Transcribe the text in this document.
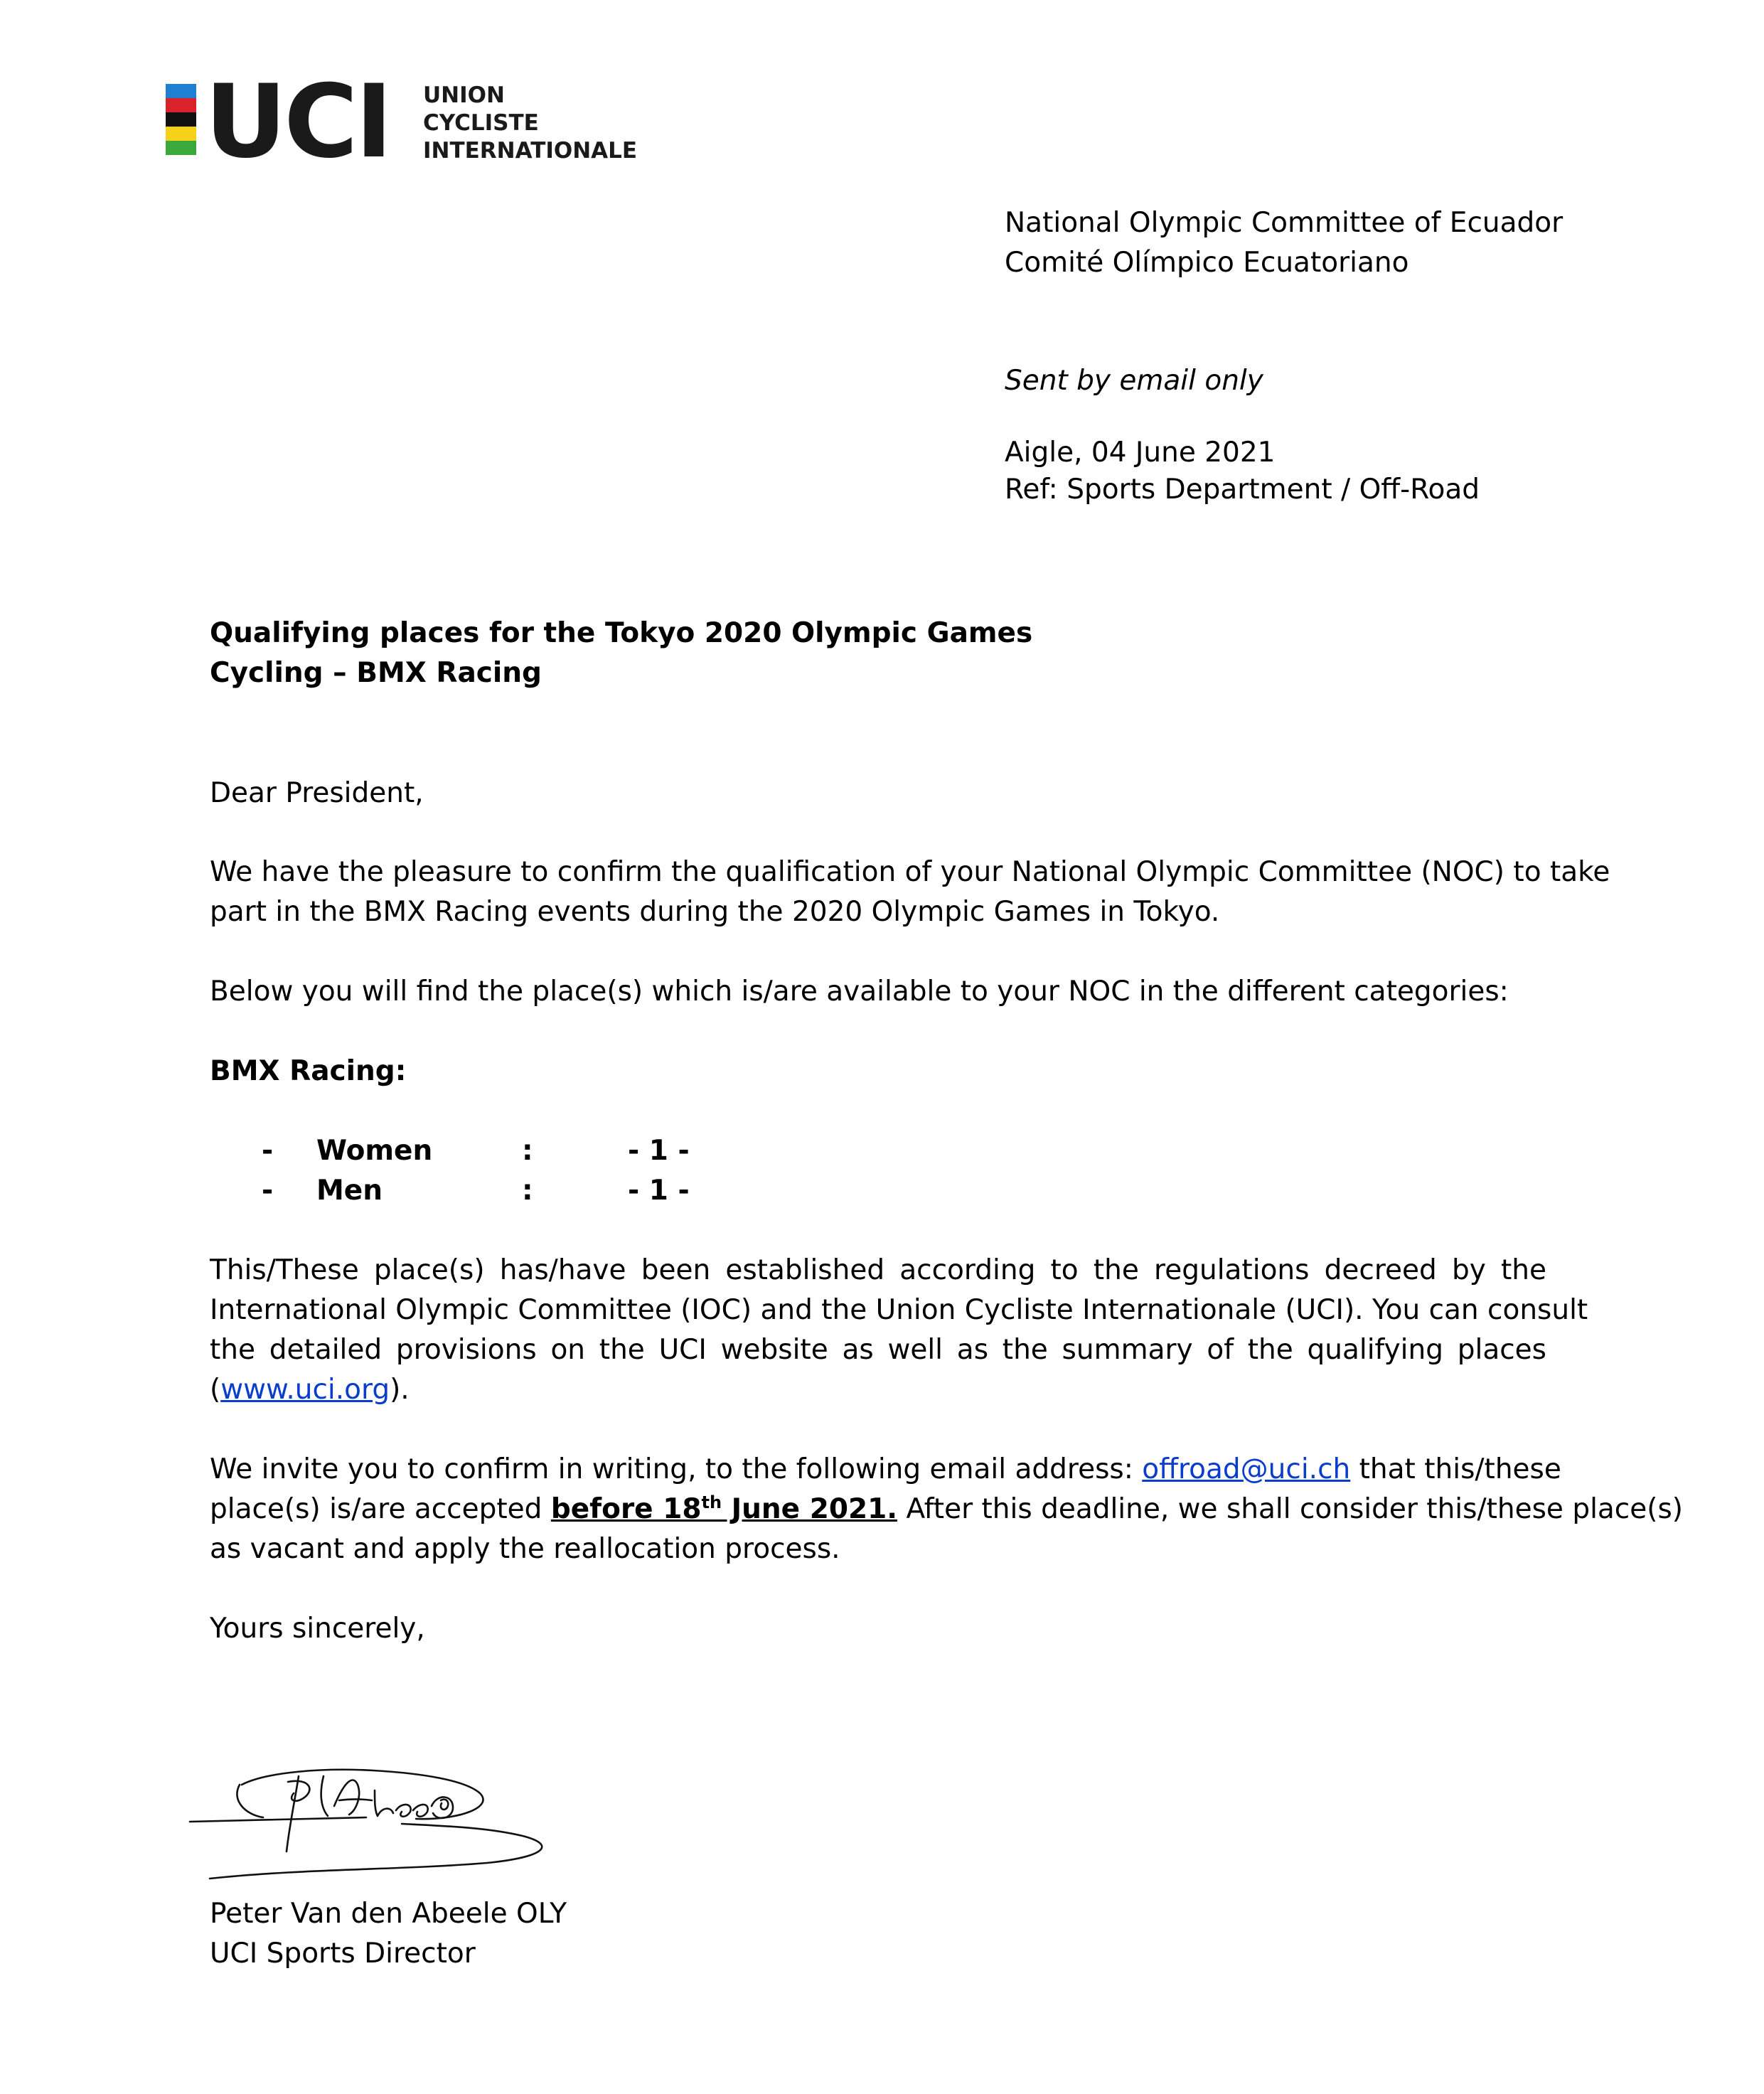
UCI UNION
CYCLISTE
INTERNATIONALE
National Olympic Committee of Ecuador
Comité Olímpico Ecuatoriano
Sent by email only
Aigle, 04 June 2021
Ref: Sports Department / Off-Road
Qualifying places for the Tokyo 2020 Olympic Games
Cycling – BMX Racing
Dear President,
We have the pleasure to confirm the qualification of your National Olympic Committee (NOC) to take
part in the BMX Racing events during the 2020 Olympic Games in Tokyo.
Below you will find the place(s) which is/are available to your NOC in the different categories:
BMX Racing:
- Women	:	- 1 -
- Men	:	- 1 -
This/These place(s) has/have been established according to the regulations decreed by the
International Olympic Committee (IOC) and the Union Cycliste Internationale (UCI). You can consult
the detailed provisions on the UCI website as well as the summary of the qualifying places
(www.uci.org).
We invite you to confirm in writing, to the following email address: offroad@uci.ch that this/these
place(s) is/are accepted before 18th June 2021. After this deadline, we shall consider this/these place(s)
as vacant and apply the reallocation process.
Yours sincerely,
Peter Van den Abeele OLY
UCI Sports Director
